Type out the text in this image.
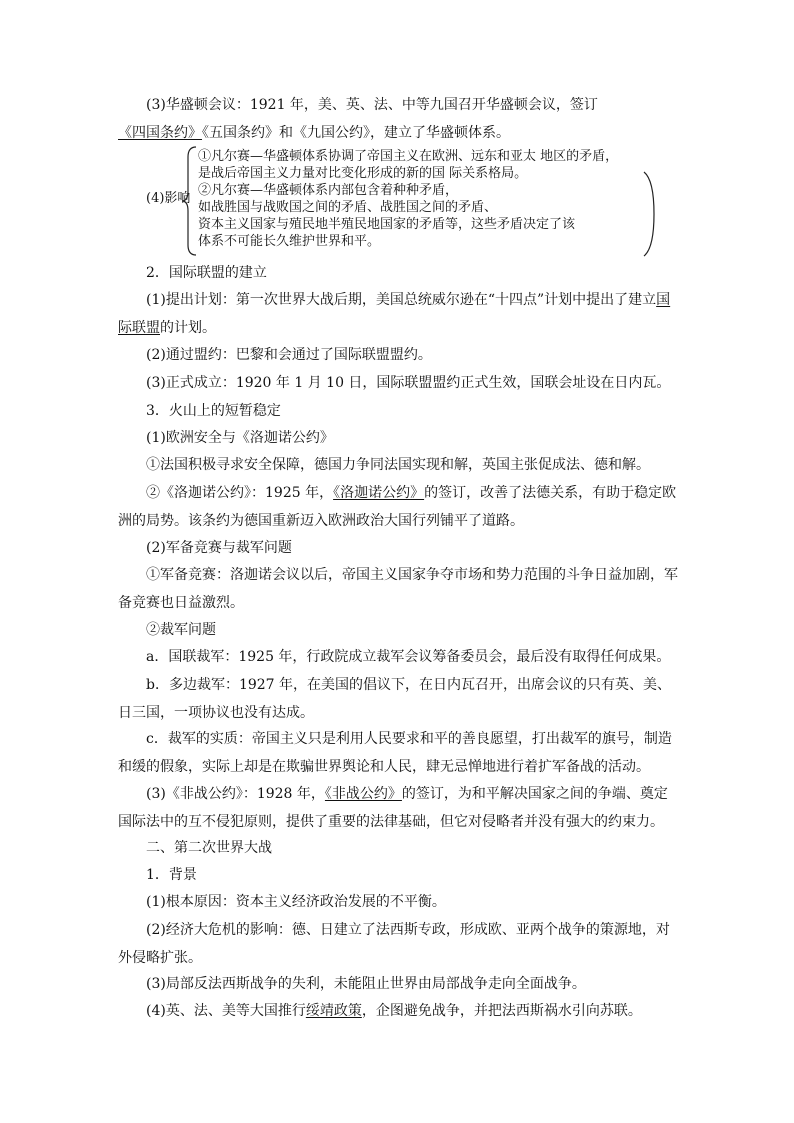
(3)华盛顿会议：1921 年，美、英、法、中等九国召开华盛顿会议，签订《四国条约》《五国条约》和《九国公约》，建立了华盛顿体系。

(4)影响
①凡尔赛—华盛顿体系协调了帝国主义在欧洲、远东和亚太 地区的矛盾，
是战后帝国主义力量对比变化形成的新的国 际关系格局。
②凡尔赛—华盛顿体系内部包含着种种矛盾，
如战胜国与战败国之间的矛盾、战胜国之间的矛盾、
资本主义国家与殖民地半殖民地国家的矛盾等，这些矛盾决定了该
体系不可能长久维护世界和平。

2．国际联盟的建立

(1)提出计划：第一次世界大战后期，美国总统威尔逊在“十四点”计划中提出了建立国际联盟的计划。

(2)通过盟约：巴黎和会通过了国际联盟盟约。

(3)正式成立：1920 年 1 月 10 日，国际联盟盟约正式生效，国联会址设在日内瓦。

3．火山上的短暂稳定

(1)欧洲安全与《洛迦诺公约》

①法国积极寻求安全保障，德国力争同法国实现和解，英国主张促成法、德和解。

②《洛迦诺公约》：1925 年，《洛迦诺公约》的签订，改善了法德关系，有助于稳定欧洲的局势。该条约为德国重新迈入欧洲政治大国行列铺平了道路。

(2)军备竞赛与裁军问题

①军备竞赛：洛迦诺会议以后，帝国主义国家争夺市场和势力范围的斗争日益加剧，军备竞赛也日益激烈。

②裁军问题

a．国联裁军：1925 年，行政院成立裁军会议筹备委员会，最后没有取得任何成果。

b．多边裁军：1927 年，在美国的倡议下，在日内瓦召开，出席会议的只有英、美、日三国，一项协议也没有达成。

c．裁军的实质：帝国主义只是利用人民要求和平的善良愿望，打出裁军的旗号，制造和缓的假象，实际上却是在欺骗世界舆论和人民，肆无忌惮地进行着扩军备战的活动。

(3)《非战公约》：1928 年，《非战公约》的签订，为和平解决国家之间的争端、奠定国际法中的互不侵犯原则，提供了重要的法律基础，但它对侵略者并没有强大的约束力。

二、第二次世界大战

1．背景

(1)根本原因：资本主义经济政治发展的不平衡。

(2)经济大危机的影响：德、日建立了法西斯专政，形成欧、亚两个战争的策源地，对外侵略扩张。

(3)局部反法西斯战争的失利，未能阻止世界由局部战争走向全面战争。

(4)英、法、美等大国推行绥靖政策，企图避免战争，并把法西斯祸水引向苏联。
